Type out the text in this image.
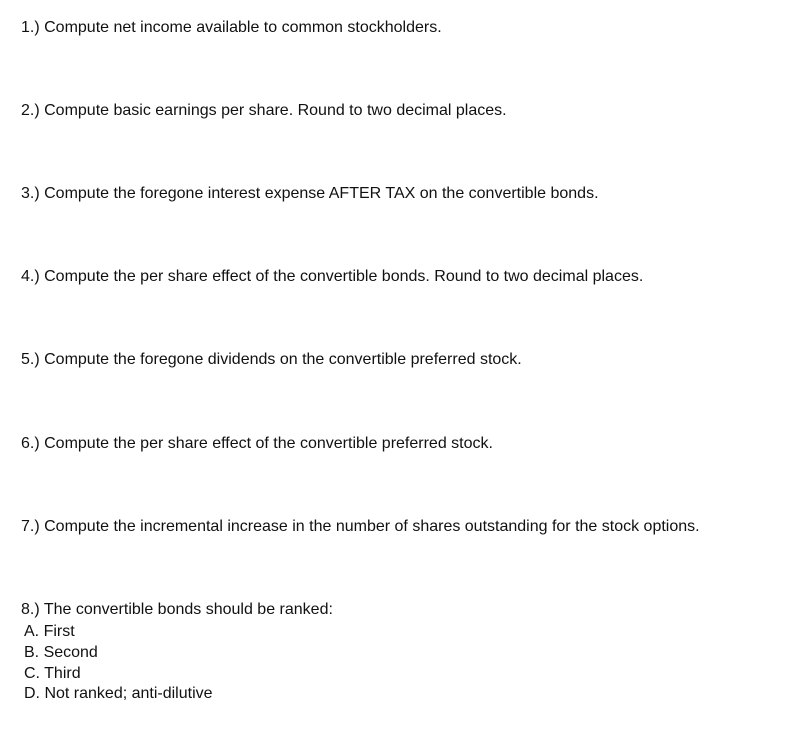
1.) Compute net income available to common stockholders.

2.) Compute basic earnings per share. Round to two decimal places.

3.) Compute the foregone interest expense AFTER TAX on the convertible bonds.

4.) Compute the per share effect of the convertible bonds. Round to two decimal places.

5.) Compute the foregone dividends on the convertible preferred stock.

6.) Compute the per share effect of the convertible preferred stock.

7.) Compute the incremental increase in the number of shares outstanding for the stock options.

8.) The convertible bonds should be ranked:

A. First
B. Second
C. Third
D. Not ranked; anti-dilutive
